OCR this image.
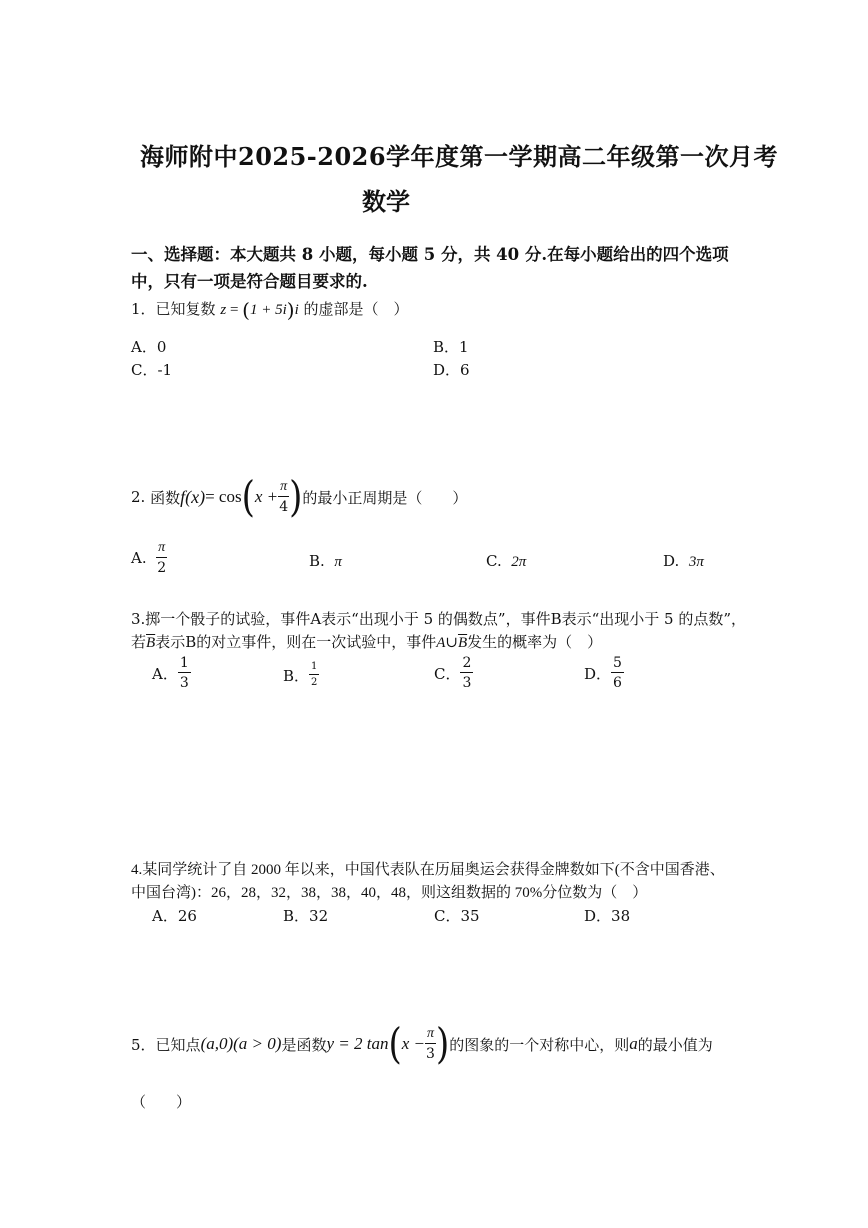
海师附中2025-2026学年度第一学期高二年级第一次月考
数学
一、选择题：本大题共 8 小题，每小题 5 分，共 40 分.在每小题给出的四个选项
中，只有一项是符合题目要求的.
1．已知复数 z = (1 + 5i)i 的虚部是（　）
A．0	B．1
C．-1	D．6
2.
函数 f(x) = cos ( $x + \frac{\pi}{4}$ ) 的最小正周期是（　　）
A.
$\frac{\pi}{2}$	B. π	C. 2π	D. 3π
3.掷一个骰子的试验，事件A表示“出现小于 5 的偶数点”，事件B表示“出现小于 5 的点数”，
若$\overline{B}$表示B的对立事件，则在一次试验中，事件$A\cup\overline{B}$发生的概率为（　）
A． $\frac{1}{3}$	B． $\frac{1}{2}$	C． $\frac{2}{3}$	D． $\frac{5}{6}$
4.某同学统计了自 2000 年以来，中国代表队在历届奥运会获得金牌数如下(不含中国香港、
中国台湾)：26，28，32，38，38，40，48，则这组数据的 70%分位数为（　）
A．26	B．32	C．35	D．38
5． 已知点 (a,0)(a > 0) 是函数 y = 2 tan ( $x - \frac{\pi}{3}$ ) 的图象的一个对称中心，则 a 的最小值为
（　　）
